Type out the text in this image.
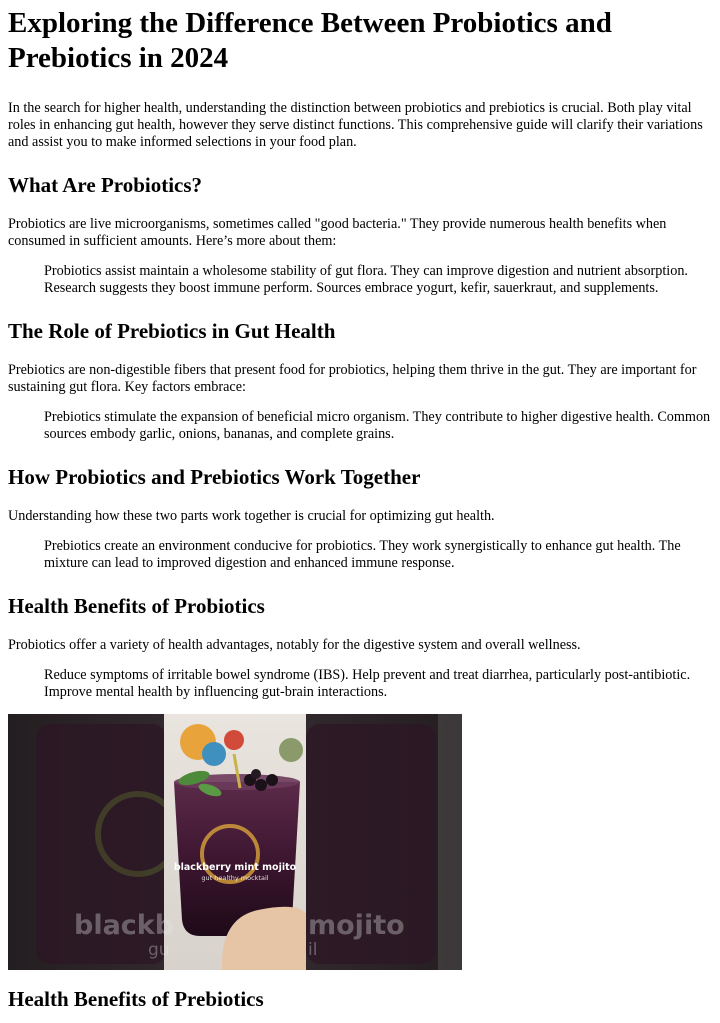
Exploring the Difference Between Probiotics and Prebiotics in 2024

In the search for higher health, understanding the distinction between probiotics and prebiotics is crucial. Both play vital roles in enhancing gut health, however they serve distinct functions. This comprehensive guide will clarify their variations and assist you to make informed selections in your food plan.

What Are Probiotics?

Probiotics are live microorganisms, sometimes called "good bacteria." They provide numerous health benefits when consumed in sufficient amounts. Here’s more about them:

Probiotics assist maintain a wholesome stability of gut flora. They can improve digestion and nutrient absorption. Research suggests they boost immune perform. Sources embrace yogurt, kefir, sauerkraut, and supplements.
The Role of Prebiotics in Gut Health

Prebiotics are non-digestible fibers that present food for probiotics, helping them thrive in the gut. They are important for sustaining gut flora. Key factors embrace:

Prebiotics stimulate the expansion of beneficial micro organism. They contribute to higher digestive health. Common sources embody garlic, onions, bananas, and complete grains.
How Probiotics and Prebiotics Work Together

Understanding how these two parts work together is crucial for optimizing gut health.

Prebiotics create an environment conducive for probiotics. They work synergistically to enhance gut health. The mixture can lead to improved digestion and enhanced immune response.
Health Benefits of Probiotics

Probiotics offer a variety of health advantages, notably for the digestive system and overall wellness.

Reduce symptoms of irritable bowel syndrome (IBS). Help prevent and treat diarrhea, particularly post-antibiotic. Improve mental health by influencing gut-brain interactions.
blackb	mojito
gu	il
blackberry mint mojito
gut healthy mocktail
Health Benefits of Prebiotics
